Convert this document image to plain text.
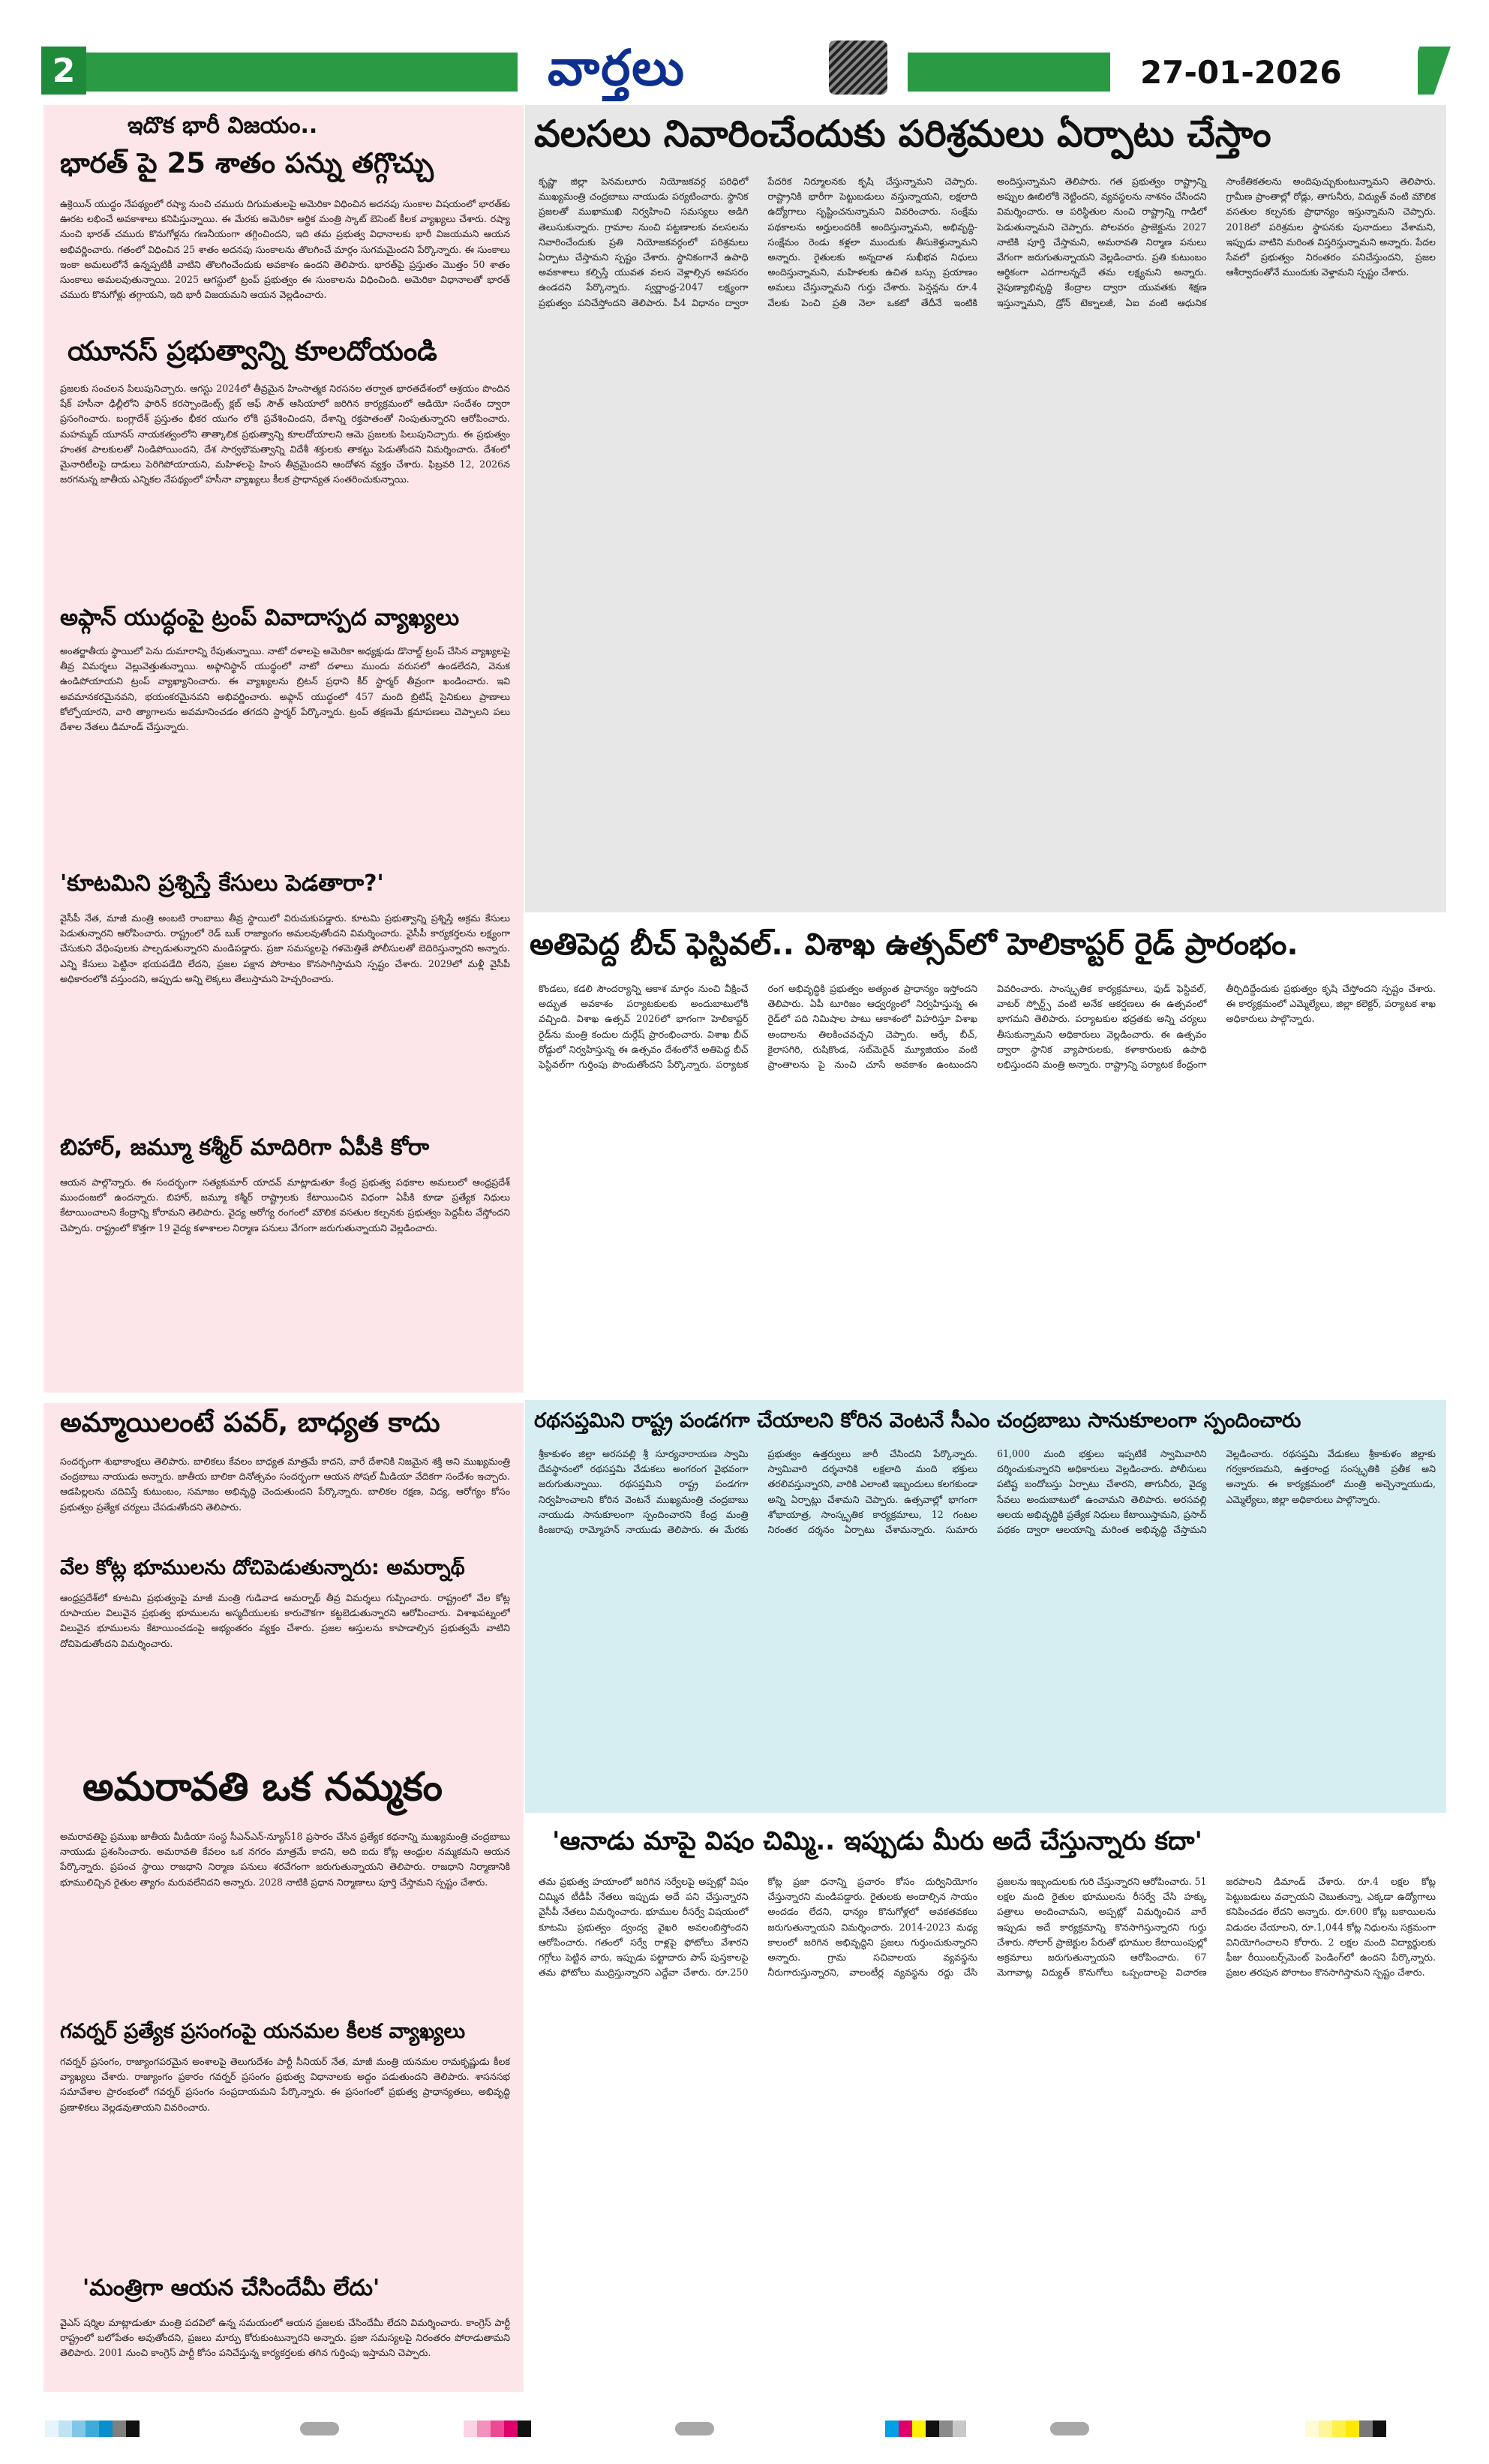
2	వార్తలు	27-01-2026
ఇదొక భారీ విజయం..
భారత్ పై 25 శాతం పన్ను తగ్గొచ్చు
ఉక్రెయిన్ యుద్ధం నేపథ్యంలో రష్యా నుంచి చమురు దిగుమతులపై అమెరికా విధించిన అదనపు సుంకాల విషయంలో భారత్‌కు ఊరట లభించే అవకాశాలు కనిపిస్తున్నాయి. ఈ మేరకు అమెరికా ఆర్థిక మంత్రి స్కాట్ బెసెంట్ కీలక వ్యాఖ్యలు చేశారు. రష్యా నుంచి భారత్ చమురు కొనుగోళ్లను గణనీయంగా తగ్గించిందని, ఇది తమ ప్రభుత్వ విధానాలకు భారీ విజయమని ఆయన అభివర్ణించారు. గతంలో విధించిన 25 శాతం అదనపు సుంకాలను తొలగించే మార్గం సుగమమైందని పేర్కొన్నారు. ఈ సుంకాలు ఇంకా అమలులోనే ఉన్నప్పటికీ వాటిని తొలగించేందుకు అవకాశం ఉందని తెలిపారు. భారత్‌పై ప్రస్తుతం మొత్తం 50 శాతం సుంకాలు అమలవుతున్నాయి. 2025 ఆగస్టులో ట్రంప్ ప్రభుత్వం ఈ సుంకాలను విధించింది. అమెరికా విధానాలతో భారత్ చమురు కొనుగోళ్లు తగ్గాయని, ఇది భారీ విజయమని ఆయన వెల్లడించారు.
యూనస్ ప్రభుత్వాన్ని కూలదోయండి
ప్రజలకు సంచలన పిలుపునిచ్చారు. ఆగస్టు 2024లో తీవ్రమైన హింసాత్మక నిరసనల తర్వాత భారతదేశంలో ఆశ్రయం పొందిన షేక్ హసీనా ఢిల్లీలోని ఫారిన్ కరస్పాండెంట్స్ క్లబ్ ఆఫ్ సౌత్ ఆసియాలో జరిగిన కార్యక్రమంలో ఆడియో సందేశం ద్వారా ప్రసంగించారు. బంగ్లాదేశ్ ప్రస్తుతం భీకర యుగం లోకి ప్రవేశించిందని, దేశాన్ని రక్తపాతంతో నింపుతున్నారని ఆరోపించారు. మహమ్మద్ యూనస్ నాయకత్వంలోని తాత్కాలిక ప్రభుత్వాన్ని కూలదోయాలని ఆమె ప్రజలకు పిలుపునిచ్చారు. ఈ ప్రభుత్వం హంతక పాలకులతో నిండిపోయిందని, దేశ సార్వభౌమత్వాన్ని విదేశీ శక్తులకు తాకట్టు పెడుతోందని విమర్శించారు. దేశంలో మైనారిటీలపై దాడులు పెరిగిపోయాయని, మహిళలపై హింస తీవ్రమైందని ఆందోళన వ్యక్తం చేశారు. ఫిబ్రవరి 12, 2026న జరగనున్న జాతీయ ఎన్నికల నేపథ్యంలో హసీనా వ్యాఖ్యలు కీలక ప్రాధాన్యత సంతరించుకున్నాయి.
అఫ్గాన్ యుద్ధంపై ట్రంప్ వివాదాస్పద వ్యాఖ్యలు
అంతర్జాతీయ స్థాయిలో పెను దుమారాన్ని రేపుతున్నాయి. నాటో దళాలపై అమెరికా అధ్యక్షుడు డొనాల్డ్ ట్రంప్ చేసిన వ్యాఖ్యలపై తీవ్ర విమర్శలు వెల్లువెత్తుతున్నాయి. అఫ్గానిస్థాన్ యుద్ధంలో నాటో దళాలు ముందు వరుసలో ఉండలేదని, వెనుక ఉండిపోయాయని ట్రంప్ వ్యాఖ్యానించారు. ఈ వ్యాఖ్యలను బ్రిటన్ ప్రధాని కీర్ స్టార్మర్ తీవ్రంగా ఖండించారు. ఇవి అవమానకరమైనవని, భయంకరమైనవని అభివర్ణించారు. అఫ్గాన్ యుద్ధంలో 457 మంది బ్రిటిష్ సైనికులు ప్రాణాలు కోల్పోయారని, వారి త్యాగాలను అవమానించడం తగదని స్టార్మర్ పేర్కొన్నారు. ట్రంప్ తక్షణమే క్షమాపణలు చెప్పాలని పలు దేశాల నేతలు డిమాండ్ చేస్తున్నారు.
'కూటమిని ప్రశ్నిస్తే కేసులు పెడతారా?'
వైసీపీ నేత, మాజీ మంత్రి అంబటి రాంబాబు తీవ్ర స్థాయిలో విరుచుకుపడ్డారు. కూటమి ప్రభుత్వాన్ని ప్రశ్నిస్తే అక్రమ కేసులు పెడుతున్నారని ఆరోపించారు. రాష్ట్రంలో రెడ్ బుక్ రాజ్యాంగం అమలవుతోందని విమర్శించారు. వైసీపీ కార్యకర్తలను లక్ష్యంగా చేసుకుని వేధింపులకు పాల్పడుతున్నారని మండిపడ్డారు. ప్రజా సమస్యలపై గళమెత్తితే పోలీసులతో బెదిరిస్తున్నారని అన్నారు. ఎన్ని కేసులు పెట్టినా భయపడేది లేదని, ప్రజల పక్షాన పోరాటం కొనసాగిస్తామని స్పష్టం చేశారు. 2029లో మళ్లీ వైసీపీ అధికారంలోకి వస్తుందని, అప్పుడు అన్ని లెక్కలు తేలుస్తామని హెచ్చరించారు.
బిహార్, జమ్మూ కశ్మీర్ మాదిరిగా ఏపీకి కోరా
ఆయన పాల్గొన్నారు. ఈ సందర్భంగా సత్యకుమార్ యాదవ్ మాట్లాడుతూ కేంద్ర ప్రభుత్వ పథకాల అమలులో ఆంధ్రప్రదేశ్ ముందంజలో ఉందన్నారు. బిహార్, జమ్మూ కశ్మీర్ రాష్ట్రాలకు కేటాయించిన విధంగా ఏపీకి కూడా ప్రత్యేక నిధులు కేటాయించాలని కేంద్రాన్ని కోరామని తెలిపారు. వైద్య ఆరోగ్య రంగంలో మౌలిక వసతుల కల్పనకు ప్రభుత్వం పెద్దపీట వేస్తోందని చెప్పారు. రాష్ట్రంలో కొత్తగా 19 వైద్య కళాశాలల నిర్మాణ పనులు వేగంగా జరుగుతున్నాయని వెల్లడించారు.
అమ్మాయిలంటే పవర్, బాధ్యత కాదు
సందర్భంగా శుభాకాంక్షలు తెలిపారు. బాలికలు కేవలం బాధ్యత మాత్రమే కాదని, వారే దేశానికి నిజమైన శక్తి అని ముఖ్యమంత్రి చంద్రబాబు నాయుడు అన్నారు. జాతీయ బాలికా దినోత్సవం సందర్భంగా ఆయన సోషల్ మీడియా వేదికగా సందేశం ఇచ్చారు. ఆడపిల్లలను చదివిస్తే కుటుంబం, సమాజం అభివృద్ధి చెందుతుందని పేర్కొన్నారు. బాలికల రక్షణ, విద్య, ఆరోగ్యం కోసం ప్రభుత్వం ప్రత్యేక చర్యలు చేపడుతోందని తెలిపారు.
వేల కోట్ల భూములను దోచిపెడుతున్నారు: అమర్నాథ్
ఆంధ్రప్రదేశ్‌లో కూటమి ప్రభుత్వంపై మాజీ మంత్రి గుడివాడ అమర్నాథ్ తీవ్ర విమర్శలు గుప్పించారు. రాష్ట్రంలో వేల కోట్ల రూపాయల విలువైన ప్రభుత్వ భూములను అస్మదీయులకు కారుచౌకగా కట్టబెడుతున్నారని ఆరోపించారు. విశాఖపట్నంలో విలువైన భూములను కేటాయించడంపై అభ్యంతరం వ్యక్తం చేశారు. ప్రజల ఆస్తులను కాపాడాల్సిన ప్రభుత్వమే వాటిని దోచిపెడుతోందని విమర్శించారు.
అమరావతి ఒక నమ్మకం
అమరావతిపై ప్రముఖ జాతీయ మీడియా సంస్థ సీఎన్ఎన్-న్యూస్18 ప్రసారం చేసిన ప్రత్యేక కథనాన్ని ముఖ్యమంత్రి చంద్రబాబు నాయుడు ప్రశంసించారు. అమరావతి కేవలం ఒక నగరం మాత్రమే కాదని, అది ఐదు కోట్ల ఆంధ్రుల నమ్మకమని ఆయన పేర్కొన్నారు. ప్రపంచ స్థాయి రాజధాని నిర్మాణ పనులు శరవేగంగా జరుగుతున్నాయని తెలిపారు. రాజధాని నిర్మాణానికి భూములిచ్చిన రైతుల త్యాగం మరువలేనిదని అన్నారు. 2028 నాటికి ప్రధాన నిర్మాణాలు పూర్తి చేస్తామని స్పష్టం చేశారు.
గవర్నర్ ప్రత్యేక ప్రసంగంపై యనమల కీలక వ్యాఖ్యలు
గవర్నర్ ప్రసంగం, రాజ్యాంగపరమైన అంశాలపై తెలుగుదేశం పార్టీ సీనియర్ నేత, మాజీ మంత్రి యనమల రామకృష్ణుడు కీలక వ్యాఖ్యలు చేశారు. రాజ్యాంగం ప్రకారం గవర్నర్ ప్రసంగం ప్రభుత్వ విధానాలకు అద్దం పడుతుందని తెలిపారు. శాసనసభ సమావేశాల ప్రారంభంలో గవర్నర్ ప్రసంగం సంప్రదాయమని పేర్కొన్నారు. ఈ ప్రసంగంలో ప్రభుత్వ ప్రాధాన్యతలు, అభివృద్ధి ప్రణాళికలు వెల్లడవుతాయని వివరించారు.
'మంత్రిగా ఆయన చేసిందేమీ లేదు'
వైఎస్ షర్మిల మాట్లాడుతూ మంత్రి పదవిలో ఉన్న సమయంలో ఆయన ప్రజలకు చేసిందేమీ లేదని విమర్శించారు. కాంగ్రెస్ పార్టీ రాష్ట్రంలో బలోపేతం అవుతోందని, ప్రజలు మార్పు కోరుకుంటున్నారని అన్నారు. ప్రజా సమస్యలపై నిరంతరం పోరాడుతామని తెలిపారు. 2001 నుంచి కాంగ్రెస్ పార్టీ కోసం పనిచేస్తున్న కార్యకర్తలకు తగిన గుర్తింపు ఇస్తామని చెప్పారు.
వలసలు నివారించేందుకు పరిశ్రమలు ఏర్పాటు చేస్తాం
కృష్ణా జిల్లా పెనమలూరు నియోజకవర్గ పరిధిలో ముఖ్యమంత్రి చంద్రబాబు నాయుడు పర్యటించారు. స్థానిక ప్రజలతో ముఖాముఖి నిర్వహించి సమస్యలు అడిగి తెలుసుకున్నారు. గ్రామాల నుంచి పట్టణాలకు వలసలను నివారించేందుకు ప్రతి నియోజకవర్గంలో పరిశ్రమలు ఏర్పాటు చేస్తామని స్పష్టం చేశారు. స్థానికంగానే ఉపాధి అవకాశాలు కల్పిస్తే యువత వలస వెళ్లాల్సిన అవసరం ఉండదని పేర్కొన్నారు. స్వర్ణాంధ్ర-2047 లక్ష్యంగా ప్రభుత్వం పనిచేస్తోందని తెలిపారు. పీ4 విధానం ద్వారా పేదరిక నిర్మూలనకు కృషి చేస్తున్నామని చెప్పారు. రాష్ట్రానికి భారీగా పెట్టుబడులు వస్తున్నాయని, లక్షలాది ఉద్యోగాలు సృష్టించనున్నామని వివరించారు. సంక్షేమ పథకాలను అర్హులందరికీ అందిస్తున్నామని, అభివృద్ధి-సంక్షేమం రెండు కళ్లలా ముందుకు తీసుకెళ్తున్నామని అన్నారు. రైతులకు అన్నదాత సుఖీభవ నిధులు అందిస్తున్నామని, మహిళలకు ఉచిత బస్సు ప్రయాణం అమలు చేస్తున్నామని గుర్తు చేశారు. పెన్షన్లను రూ.4 వేలకు పెంచి ప్రతి నెలా ఒకటో తేదీనే ఇంటికి అందిస్తున్నామని తెలిపారు. గత ప్రభుత్వం రాష్ట్రాన్ని అప్పుల ఊబిలోకి నెట్టిందని, వ్యవస్థలను నాశనం చేసిందని విమర్శించారు. ఆ పరిస్థితుల నుంచి రాష్ట్రాన్ని గాడిలో పెడుతున్నామని చెప్పారు. పోలవరం ప్రాజెక్టును 2027 నాటికి పూర్తి చేస్తామని, అమరావతి నిర్మాణ పనులు వేగంగా జరుగుతున్నాయని వెల్లడించారు. ప్రతి కుటుంబం ఆర్థికంగా ఎదగాలన్నదే తమ లక్ష్యమని అన్నారు. నైపుణ్యాభివృద్ధి కేంద్రాల ద్వారా యువతకు శిక్షణ ఇస్తున్నామని, డ్రోన్ టెక్నాలజీ, ఏఐ వంటి ఆధునిక సాంకేతికతలను అందిపుచ్చుకుంటున్నామని తెలిపారు. గ్రామీణ ప్రాంతాల్లో రోడ్లు, తాగునీరు, విద్యుత్ వంటి మౌలిక వసతుల కల్పనకు ప్రాధాన్యం ఇస్తున్నామని చెప్పారు. 2018లో పరిశ్రమల స్థాపనకు పునాదులు వేశామని, ఇప్పుడు వాటిని మరింత విస్తరిస్తున్నామని అన్నారు. పేదల సేవలో ప్రభుత్వం నిరంతరం పనిచేస్తుందని, ప్రజల ఆశీర్వాదంతోనే ముందుకు వెళ్తామని స్పష్టం చేశారు.
అతిపెద్ద బీచ్ ఫెస్టివల్.. విశాఖ ఉత్సవ్‌లో హెలికాప్టర్ రైడ్ ప్రారంభం.
కొండలు, కడలి సౌందర్యాన్ని ఆకాశ మార్గం నుంచి వీక్షించే అద్భుత అవకాశం పర్యాటకులకు అందుబాటులోకి వచ్చింది. విశాఖ ఉత్సవ్ 2026లో భాగంగా హెలికాప్టర్ రైడ్‌ను మంత్రి కందుల దుర్గేష్ ప్రారంభించారు. విశాఖ బీచ్ రోడ్డులో నిర్వహిస్తున్న ఈ ఉత్సవం దేశంలోనే అతిపెద్ద బీచ్ ఫెస్టివల్‌గా గుర్తింపు పొందుతోందని పేర్కొన్నారు. పర్యాటక రంగ అభివృద్ధికి ప్రభుత్వం అత్యంత ప్రాధాన్యం ఇస్తోందని తెలిపారు. ఏపీ టూరిజం ఆధ్వర్యంలో నిర్వహిస్తున్న ఈ రైడ్‌లో పది నిమిషాల పాటు ఆకాశంలో విహరిస్తూ విశాఖ అందాలను తిలకించవచ్చని చెప్పారు. ఆర్కే బీచ్, కైలాసగిరి, రుషికొండ, సబ్‌మెరైన్ మ్యూజియం వంటి ప్రాంతాలను పై నుంచి చూసే అవకాశం ఉంటుందని వివరించారు. సాంస్కృతిక కార్యక్రమాలు, ఫుడ్ ఫెస్టివల్, వాటర్ స్పోర్ట్స్ వంటి అనేక ఆకర్షణలు ఈ ఉత్సవంలో భాగమని తెలిపారు. పర్యాటకుల భద్రతకు అన్ని చర్యలు తీసుకున్నామని అధికారులు వెల్లడించారు. ఈ ఉత్సవం ద్వారా స్థానిక వ్యాపారులకు, కళాకారులకు ఉపాధి లభిస్తుందని మంత్రి అన్నారు. రాష్ట్రాన్ని పర్యాటక కేంద్రంగా తీర్చిదిద్దేందుకు ప్రభుత్వం కృషి చేస్తోందని స్పష్టం చేశారు. ఈ కార్యక్రమంలో ఎమ్మెల్యేలు, జిల్లా కలెక్టర్, పర్యాటక శాఖ అధికారులు పాల్గొన్నారు.
రథసప్తమిని రాష్ట్ర పండగగా చేయాలని కోరిన వెంటనే సీఎం చంద్రబాబు సానుకూలంగా స్పందించారు
శ్రీకాకుళం జిల్లా అరసవల్లి శ్రీ సూర్యనారాయణ స్వామి దేవస్థానంలో రథసప్తమి వేడుకలు అంగరంగ వైభవంగా జరుగుతున్నాయి. రథసప్తమిని రాష్ట్ర పండగగా నిర్వహించాలని కోరిన వెంటనే ముఖ్యమంత్రి చంద్రబాబు నాయుడు సానుకూలంగా స్పందించారని కేంద్ర మంత్రి కింజరాపు రామ్మోహన్ నాయుడు తెలిపారు. ఈ మేరకు ప్రభుత్వం ఉత్తర్వులు జారీ చేసిందని పేర్కొన్నారు. స్వామివారి దర్శనానికి లక్షలాది మంది భక్తులు తరలివస్తున్నారని, వారికి ఎలాంటి ఇబ్బందులు కలగకుండా అన్ని ఏర్పాట్లు చేశామని చెప్పారు. ఉత్సవాల్లో భాగంగా శోభాయాత్ర, సాంస్కృతిక కార్యక్రమాలు, 12 గంటల నిరంతర దర్శనం ఏర్పాటు చేశామన్నారు. సుమారు 61,000 మంది భక్తులు ఇప్పటికే స్వామివారిని దర్శించుకున్నారని అధికారులు వెల్లడించారు. పోలీసులు పటిష్ట బందోబస్తు ఏర్పాటు చేశారని, తాగునీరు, వైద్య సేవలు అందుబాటులో ఉంచామని తెలిపారు. అరసవల్లి ఆలయ అభివృద్ధికి ప్రత్యేక నిధులు కేటాయిస్తామని, ప్రసాద్ పథకం ద్వారా ఆలయాన్ని మరింత అభివృద్ధి చేస్తామని వెల్లడించారు. రథసప్తమి వేడుకలు శ్రీకాకుళం జిల్లాకు గర్వకారణమని, ఉత్తరాంధ్ర సంస్కృతికి ప్రతీక అని అన్నారు. ఈ కార్యక్రమంలో మంత్రి అచ్చెన్నాయుడు, ఎమ్మెల్యేలు, జిల్లా అధికారులు పాల్గొన్నారు.
'ఆనాడు మాపై విషం చిమ్మి.. ఇప్పుడు మీరు అదే చేస్తున్నారు కదా'
తమ ప్రభుత్వ హయాంలో జరిగిన సర్వేలపై అప్పట్లో విషం చిమ్మిన టీడీపీ నేతలు ఇప్పుడు అదే పని చేస్తున్నారని వైసీపీ నేతలు విమర్శించారు. భూముల రీసర్వే విషయంలో కూటమి ప్రభుత్వం ద్వంద్వ వైఖరి అవలంబిస్తోందని ఆరోపించారు. గతంలో సర్వే రాళ్లపై ఫోటోలు వేశారని గగ్గోలు పెట్టిన వారు, ఇప్పుడు పట్టాదారు పాస్ పుస్తకాలపై తమ ఫోటోలు ముద్రిస్తున్నారని ఎద్దేవా చేశారు. రూ.250 కోట్ల ప్రజా ధనాన్ని ప్రచారం కోసం దుర్వినియోగం చేస్తున్నారని మండిపడ్డారు. రైతులకు అందాల్సిన సాయం అందడం లేదని, ధాన్యం కొనుగోళ్లలో అవకతవకలు జరుగుతున్నాయని విమర్శించారు. 2014-2023 మధ్య కాలంలో జరిగిన అభివృద్ధిని ప్రజలు గుర్తుంచుకున్నారని అన్నారు. గ్రామ సచివాలయ వ్యవస్థను నీరుగారుస్తున్నారని, వాలంటీర్ల వ్యవస్థను రద్దు చేసి ప్రజలను ఇబ్బందులకు గురి చేస్తున్నారని ఆరోపించారు. 51 లక్షల మంది రైతుల భూములను రీసర్వే చేసి హక్కు పత్రాలు అందించామని, అప్పట్లో విమర్శించిన వారే ఇప్పుడు అదే కార్యక్రమాన్ని కొనసాగిస్తున్నారని గుర్తు చేశారు. సోలార్ ప్రాజెక్టుల పేరుతో భూముల కేటాయింపుల్లో అక్రమాలు జరుగుతున్నాయని ఆరోపించారు. 67 మెగావాట్ల విద్యుత్ కొనుగోలు ఒప్పందాలపై విచారణ జరపాలని డిమాండ్ చేశారు. రూ.4 లక్షల కోట్ల పెట్టుబడులు వచ్చాయని చెబుతున్నా, ఎక్కడా ఉద్యోగాలు కనిపించడం లేదని అన్నారు. రూ.600 కోట్ల బకాయిలను విడుదల చేయాలని, రూ.1,044 కోట్ల నిధులను సక్రమంగా వినియోగించాలని కోరారు. 2 లక్షల మంది విద్యార్థులకు ఫీజు రీయింబర్స్‌మెంట్ పెండింగ్‌లో ఉందని పేర్కొన్నారు. ప్రజల తరపున పోరాటం కొనసాగిస్తామని స్పష్టం చేశారు.
